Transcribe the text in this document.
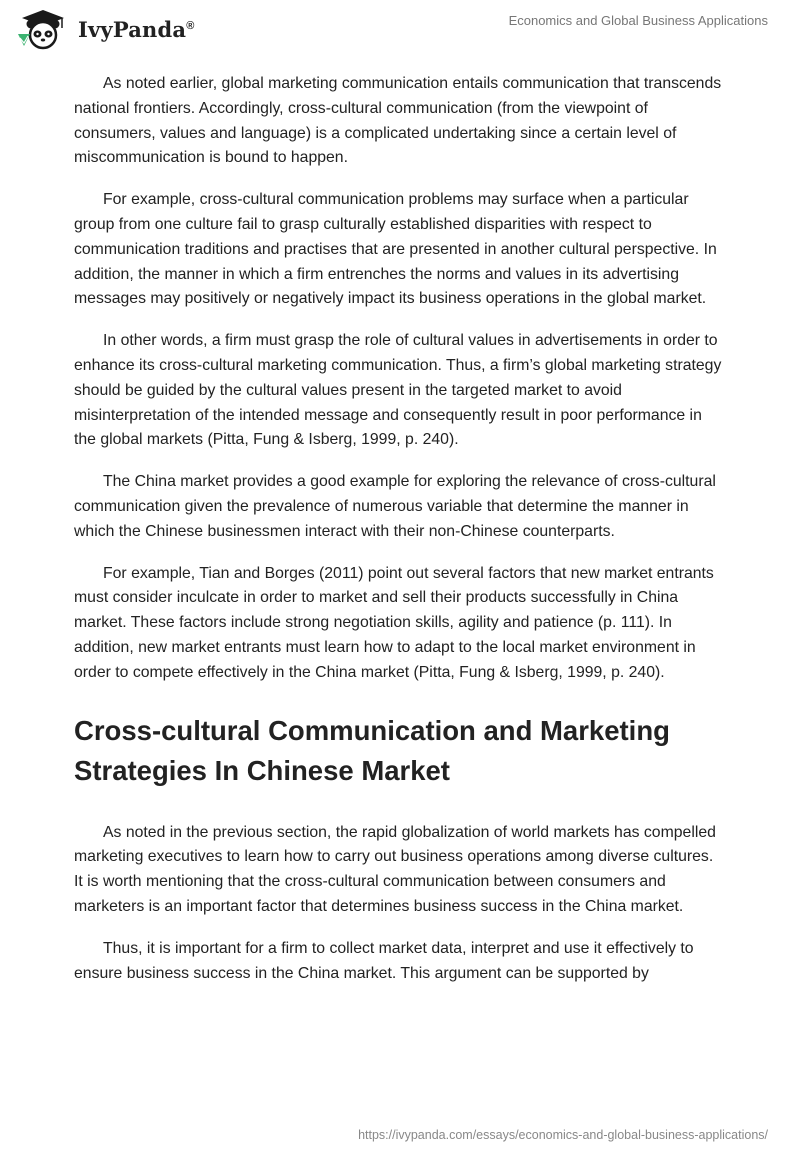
IvyPanda®	Economics and Global Business Applications

As noted earlier, global marketing communication entails communication that transcends national frontiers. Accordingly, cross-cultural communication (from the viewpoint of consumers, values and language) is a complicated undertaking since a certain level of miscommunication is bound to happen.

For example, cross-cultural communication problems may surface when a particular group from one culture fail to grasp culturally established disparities with respect to communication traditions and practises that are presented in another cultural perspective. In addition, the manner in which a firm entrenches the norms and values in its advertising messages may positively or negatively impact its business operations in the global market.

In other words, a firm must grasp the role of cultural values in advertisements in order to enhance its cross-cultural marketing communication. Thus, a firm’s global marketing strategy should be guided by the cultural values present in the targeted market to avoid misinterpretation of the intended message and consequently result in poor performance in the global markets (Pitta, Fung & Isberg, 1999, p. 240).

The China market provides a good example for exploring the relevance of cross-cultural communication given the prevalence of numerous variable that determine the manner in which the Chinese businessmen interact with their non-Chinese counterparts.

For example, Tian and Borges (2011) point out several factors that new market entrants must consider inculcate in order to market and sell their products successfully in China market. These factors include strong negotiation skills, agility and patience (p. 111). In addition, new market entrants must learn how to adapt to the local market environment in order to compete effectively in the China market (Pitta, Fung & Isberg, 1999, p. 240).

Cross-cultural Communication and Marketing Strategies In Chinese Market

As noted in the previous section, the rapid globalization of world markets has compelled marketing executives to learn how to carry out business operations among diverse cultures. It is worth mentioning that the cross-cultural communication between consumers and marketers is an important factor that determines business success in the China market.

Thus, it is important for a firm to collect market data, interpret and use it effectively to ensure business success in the China market. This argument can be supported by

https://ivypanda.com/essays/economics-and-global-business-applications/
